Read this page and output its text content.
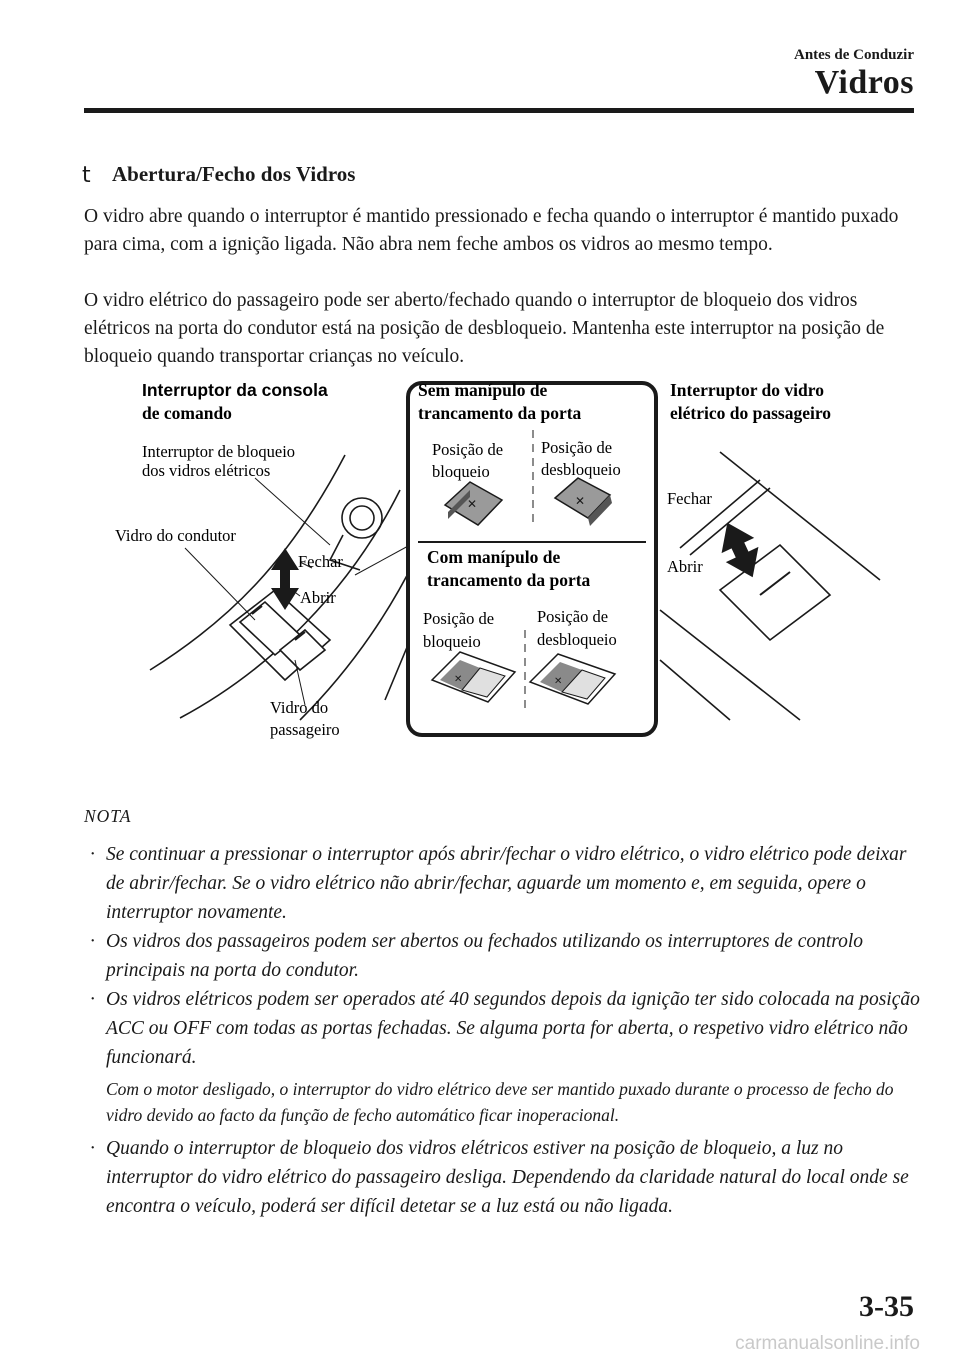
Antes de Conduzir
Vidros
t Abertura/Fecho dos Vidros
O vidro abre quando o interruptor é mantido pressionado e fecha quando o interruptor é mantido puxado para cima, com a ignição ligada. Não abra nem feche ambos os vidros ao mesmo tempo.
O vidro elétrico do passageiro pode ser aberto/fechado quando o interruptor de bloqueio dos vidros elétricos na porta do condutor está na posição de desbloqueio. Mantenha este interruptor na posição de bloqueio quando transportar crianças no veículo.
✕	✕
✕	✕
Interruptor da consola
de comando
Interruptor de bloqueio
dos vidros elétricos
Vidro do condutor
Fechar
Abrir
Vidro do
passageiro
Sem manípulo de
trancamento da porta
Posição de
bloqueio
Posição de
desbloqueio
Com manípulo de
trancamento da porta
Posição de
bloqueio
Posição de
desbloqueio
Interruptor do vidro
elétrico do passageiro
Fechar
Abrir
NOTA
· Se continuar a pressionar o interruptor após abrir/fechar o vidro elétrico, o vidro elétrico pode deixar de abrir/fechar. Se o vidro elétrico não abrir/fechar, aguarde um momento e, em seguida, opere o interruptor novamente.
· Os vidros dos passageiros podem ser abertos ou fechados utilizando os interruptores de controlo principais na porta do condutor.
· Os vidros elétricos podem ser operados até 40 segundos depois da ignição ter sido colocada na posição ACC ou OFF com todas as portas fechadas. Se alguma porta for aberta, o respetivo vidro elétrico não funcionará.
Com o motor desligado, o interruptor do vidro elétrico deve ser mantido puxado durante o processo de fecho do vidro devido ao facto da função de fecho automático ficar inoperacional.
· Quando o interruptor de bloqueio dos vidros elétricos estiver na posição de bloqueio, a luz no interruptor do vidro elétrico do passageiro desliga. Dependendo da claridade natural do local onde se encontra o veículo, poderá ser difícil detetar se a luz está ou não ligada.
3-35
carmanualsonline.info
